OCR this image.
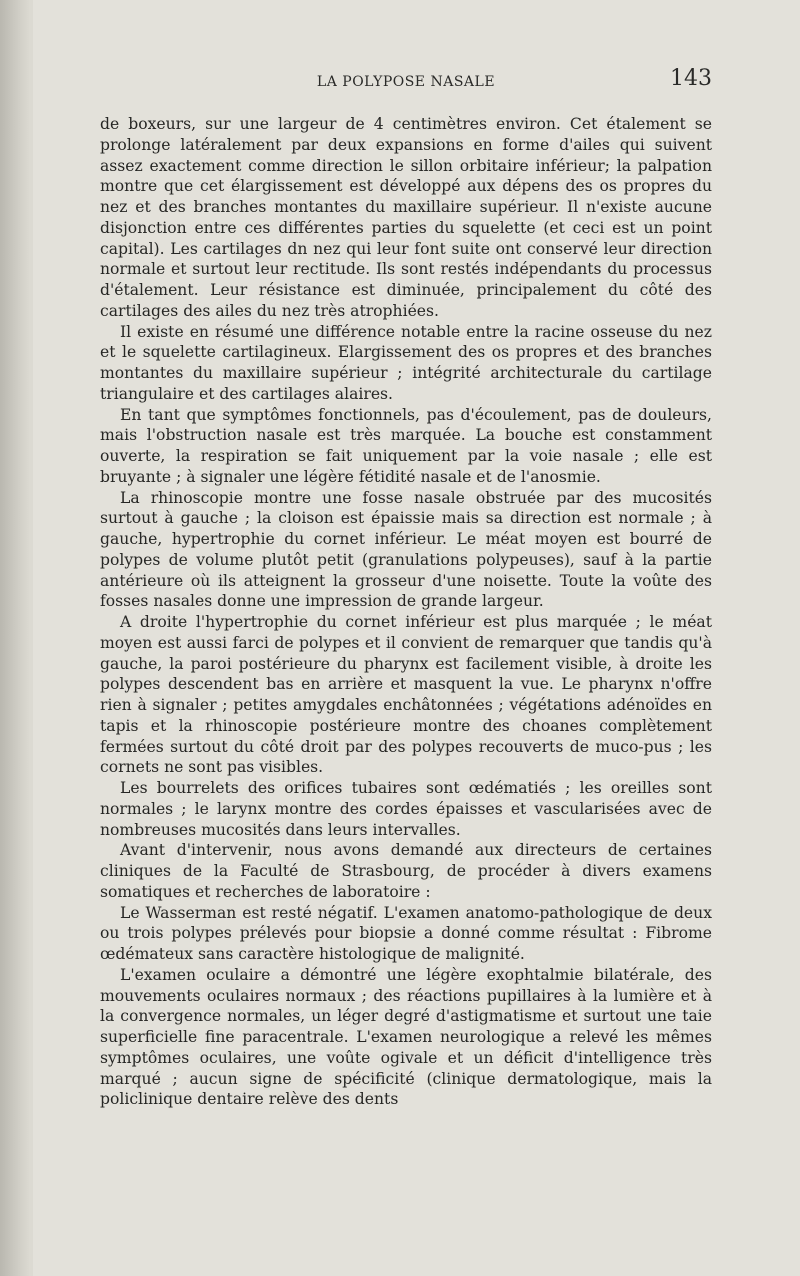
LA POLYPOSE NASALE	143

de boxeurs, sur une largeur de 4 centimètres environ. Cet étalement se prolonge latéralement par deux expansions en forme d'ailes qui suivent assez exactement comme direction le sillon orbitaire inférieur; la palpation montre que cet élargissement est développé aux dépens des os propres du nez et des branches montantes du maxillaire supérieur. Il n'existe aucune disjonction entre ces différentes parties du squelette (et ceci est un point capital). Les cartilages dn nez qui leur font suite ont conservé leur direction normale et surtout leur rectitude. Ils sont restés indépendants du processus d'étalement. Leur résistance est diminuée, principalement du côté des cartilages des ailes du nez très atrophiées.

Il existe en résumé une différence notable entre la racine osseuse du nez et le squelette cartilagineux. Elargissement des os propres et des branches montantes du maxillaire supérieur ; intégrité architecturale du cartilage triangulaire et des cartilages alaires.

En tant que symptômes fonctionnels, pas d'écoulement, pas de douleurs, mais l'obstruction nasale est très marquée. La bouche est constamment ouverte, la respiration se fait uniquement par la voie nasale ; elle est bruyante ; à signaler une légère fétidité nasale et de l'anosmie.

La rhinoscopie montre une fosse nasale obstruée par des mucosités surtout à gauche ; la cloison est épaissie mais sa direction est normale ; à gauche, hypertrophie du cornet inférieur. Le méat moyen est bourré de polypes de volume plutôt petit (granulations polypeuses), sauf à la partie antérieure où ils atteignent la grosseur d'une noisette. Toute la voûte des fosses nasales donne une impression de grande largeur.

A droite l'hypertrophie du cornet inférieur est plus marquée ; le méat moyen est aussi farci de polypes et il convient de remarquer que tandis qu'à gauche, la paroi postérieure du pharynx est facilement visible, à droite les polypes descendent bas en arrière et masquent la vue. Le pharynx n'offre rien à signaler ; petites amygdales enchâtonnées ; végétations adénoïdes en tapis et la rhinoscopie postérieure montre des choanes complètement fermées surtout du côté droit par des polypes recouverts de muco-pus ; les cornets ne sont pas visibles.

Les bourrelets des orifices tubaires sont œdématiés ; les oreilles sont normales ; le larynx montre des cordes épaisses et vascularisées avec de nombreuses mucosités dans leurs intervalles.

Avant d'intervenir, nous avons demandé aux directeurs de certaines cliniques de la Faculté de Strasbourg, de procéder à divers examens somatiques et recherches de laboratoire :

Le Wasserman est resté négatif. L'examen anatomo-pathologique de deux ou trois polypes prélevés pour biopsie a donné comme résultat : Fibrome œdémateux sans caractère histologique de malignité.

L'examen oculaire a démontré une légère exophtalmie bilatérale, des mouvements oculaires normaux ; des réactions pupillaires à la lumière et à la convergence normales, un léger degré d'astigmatisme et surtout une taie superficielle fine paracentrale. L'examen neurologique a relevé les mêmes symptômes oculaires, une voûte ogivale et un déficit d'intelligence très marqué ; aucun signe de spécificité (clinique dermatologique, mais la policlinique dentaire relève des dents
